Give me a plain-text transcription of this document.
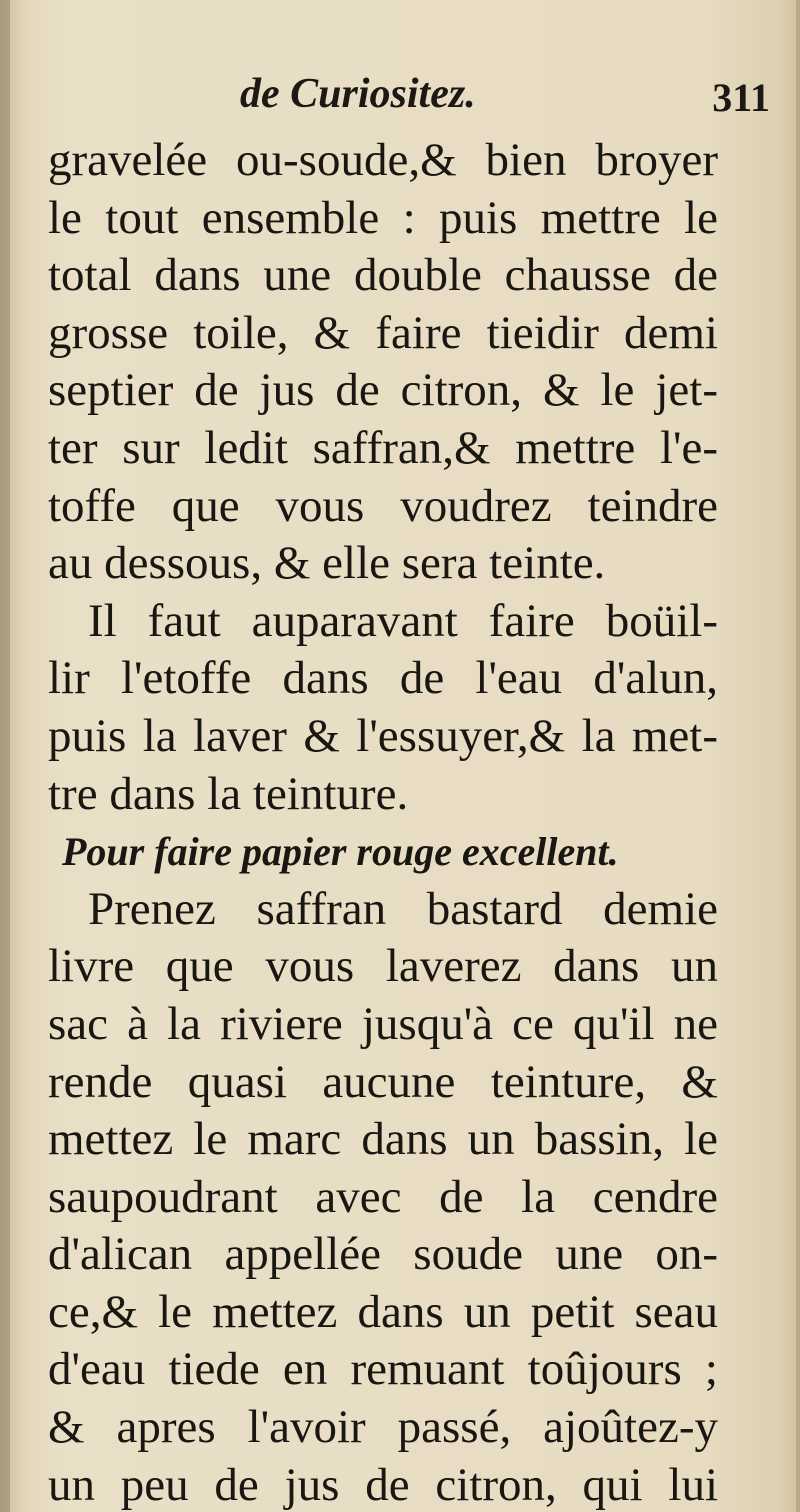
de Curiositez.	311
gravelée ou-soude,& bien broyer
le tout ensemble : puis mettre le
total dans une double chausse de
grosse toile, & faire tieidir demi
septier de jus de citron, & le jet-
ter sur ledit saffran,& mettre l'e-
toffe que vous voudrez teindre
au dessous, & elle sera teinte.
Il faut auparavant faire boüil-
lir l'etoffe dans de l'eau d'alun,
puis la laver & l'essuyer,& la met-
tre dans la teinture.
Pour faire papier rouge excellent.
Prenez saffran bastard demie
livre que vous laverez dans un
sac à la riviere jusqu'à ce qu'il ne
rende quasi aucune teinture, &
mettez le marc dans un bassin, le
saupoudrant avec de la cendre
d'alican appellée soude une on-
ce,& le mettez dans un petit seau
d'eau tiede en remuant toûjours ;
& apres l'avoir passé, ajoûtez-y
un peu de jus de citron, qui lui
